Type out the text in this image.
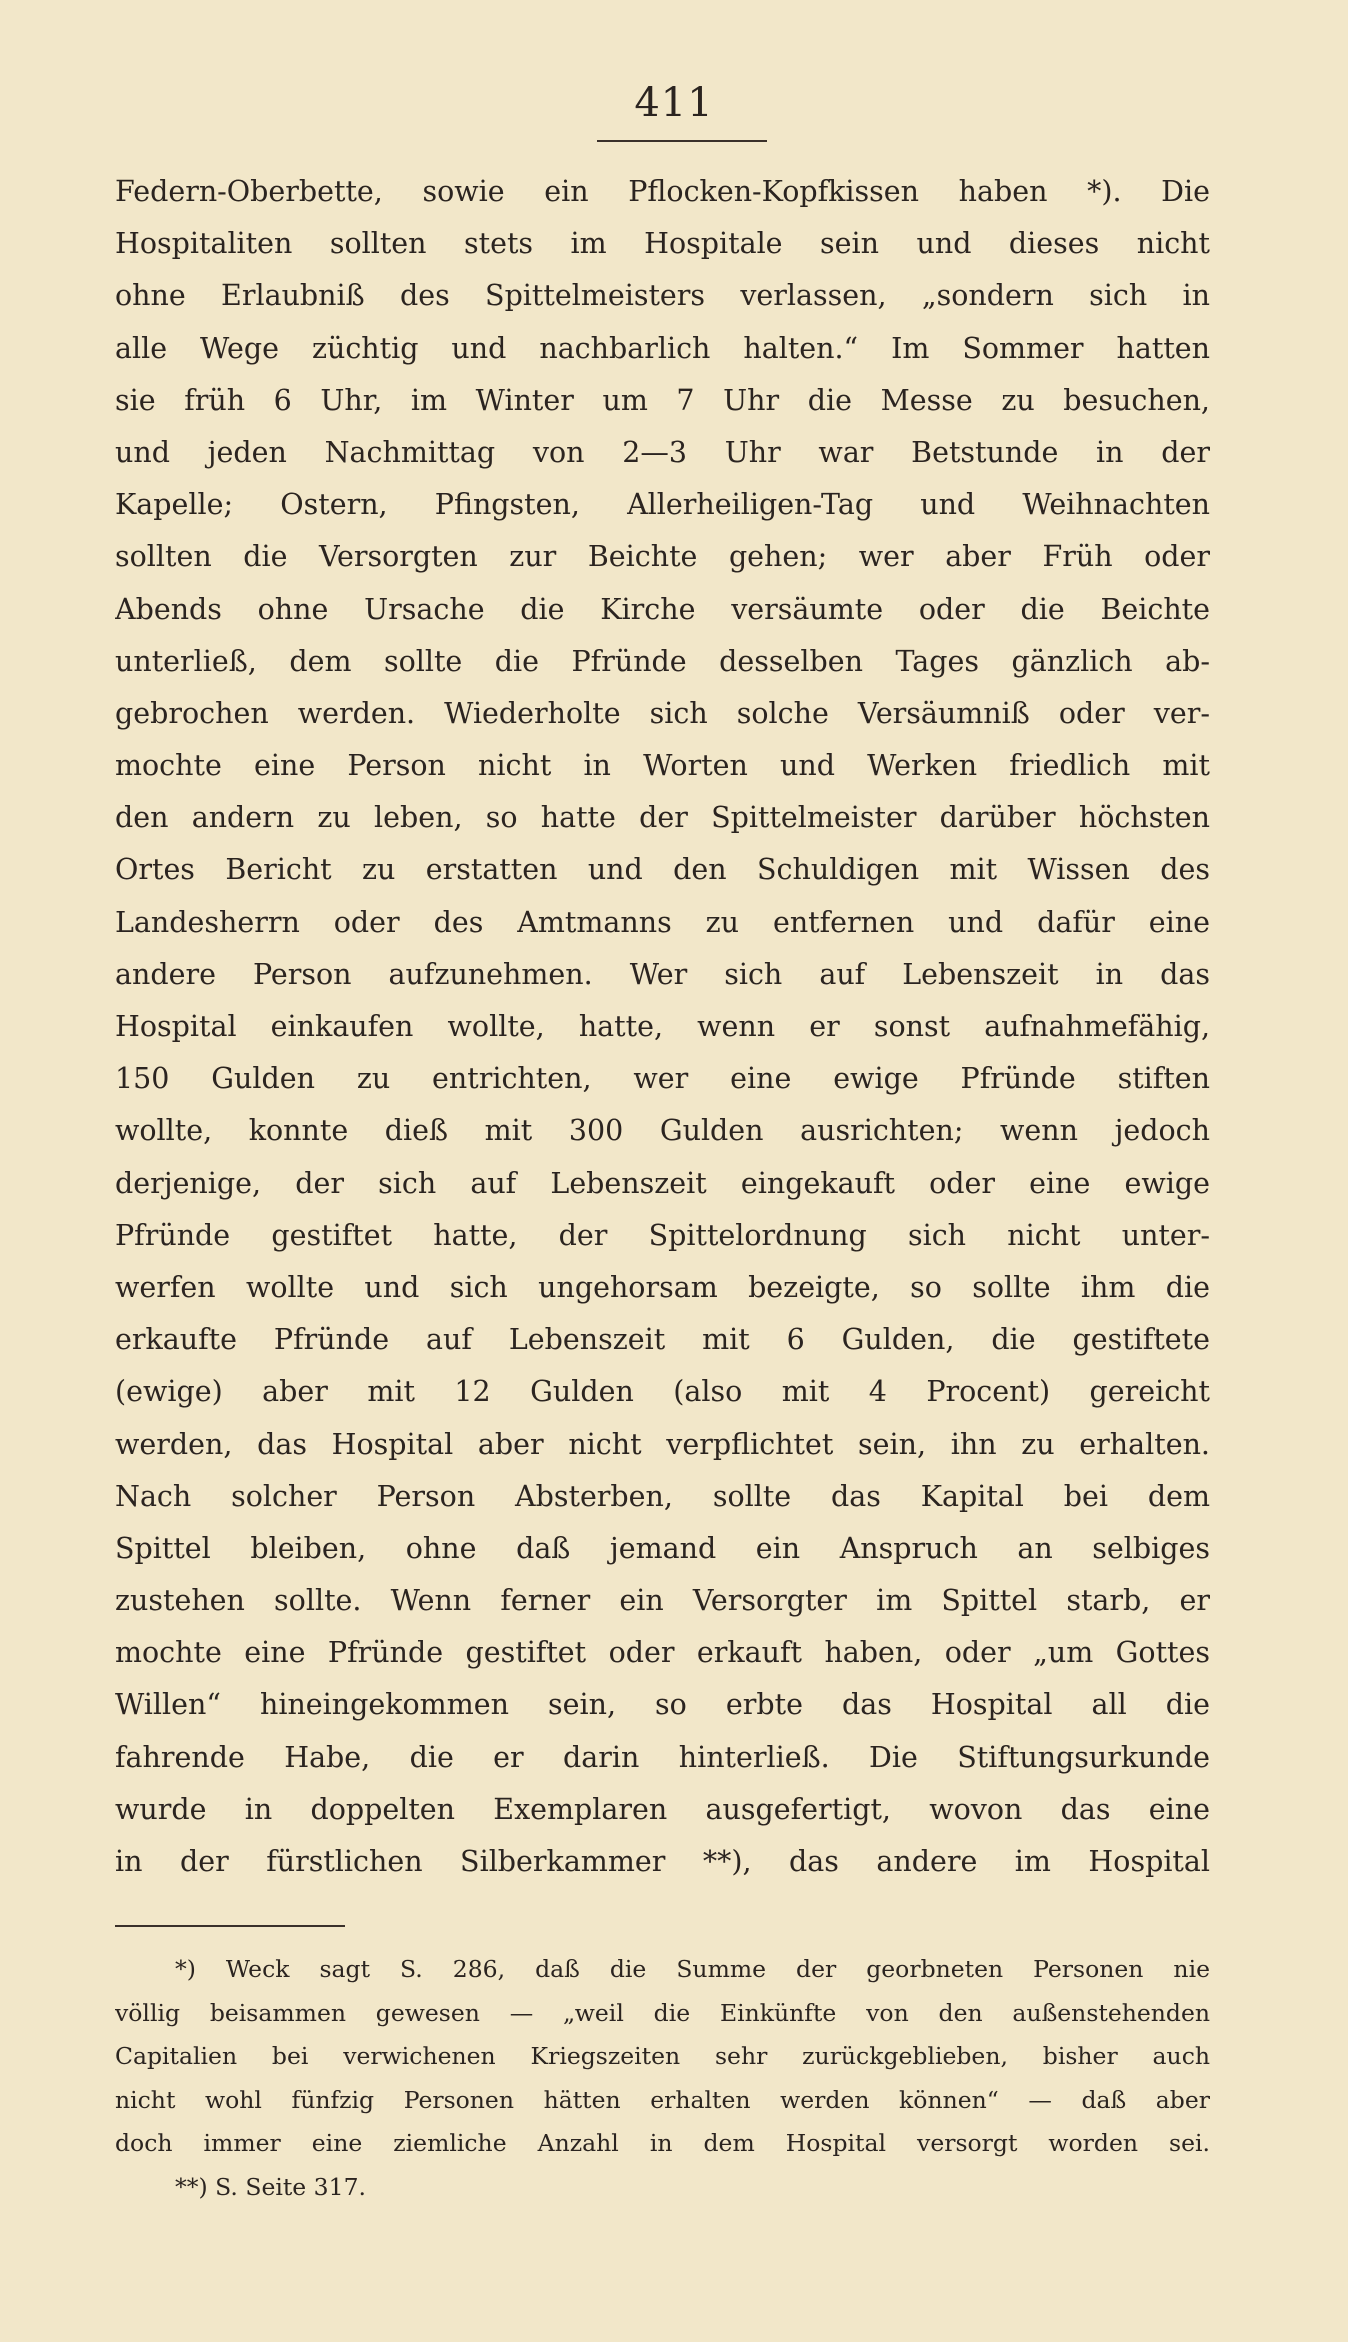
411
Federn-Oberbette, sowie ein Pflocken-Kopfkissen haben *). Die
Hospitaliten sollten stets im Hospitale sein und dieses nicht
ohne Erlaubniß des Spittelmeisters verlassen, „sondern sich in
alle Wege züchtig und nachbarlich halten.“ Im Sommer hatten
sie früh 6 Uhr, im Winter um 7 Uhr die Messe zu besuchen,
und jeden Nachmittag von 2—3 Uhr war Betstunde in der
Kapelle; Ostern, Pfingsten, Allerheiligen-Tag und Weihnachten
sollten die Versorgten zur Beichte gehen; wer aber Früh oder
Abends ohne Ursache die Kirche versäumte oder die Beichte
unterließ, dem sollte die Pfründe desselben Tages gänzlich ab-
gebrochen werden. Wiederholte sich solche Versäumniß oder ver-
mochte eine Person nicht in Worten und Werken friedlich mit
den andern zu leben, so hatte der Spittelmeister darüber höchsten
Ortes Bericht zu erstatten und den Schuldigen mit Wissen des
Landesherrn oder des Amtmanns zu entfernen und dafür eine
andere Person aufzunehmen. Wer sich auf Lebenszeit in das
Hospital einkaufen wollte, hatte, wenn er sonst aufnahmefähig,
150 Gulden zu entrichten, wer eine ewige Pfründe stiften
wollte, konnte dieß mit 300 Gulden ausrichten; wenn jedoch
derjenige, der sich auf Lebenszeit eingekauft oder eine ewige
Pfründe gestiftet hatte, der Spittelordnung sich nicht unter-
werfen wollte und sich ungehorsam bezeigte, so sollte ihm die
erkaufte Pfründe auf Lebenszeit mit 6 Gulden, die gestiftete
(ewige) aber mit 12 Gulden (also mit 4 Procent) gereicht
werden, das Hospital aber nicht verpflichtet sein, ihn zu erhalten.
Nach solcher Person Absterben, sollte das Kapital bei dem
Spittel bleiben, ohne daß jemand ein Anspruch an selbiges
zustehen sollte. Wenn ferner ein Versorgter im Spittel starb, er
mochte eine Pfründe gestiftet oder erkauft haben, oder „um Gottes
Willen“ hineingekommen sein, so erbte das Hospital all die
fahrende Habe, die er darin hinterließ. Die Stiftungsurkunde
wurde in doppelten Exemplaren ausgefertigt, wovon das eine
in der fürstlichen Silberkammer **), das andere im Hospital
*) Weck sagt S. 286, daß die Summe der georbneten Personen nie
völlig beisammen gewesen — „weil die Einkünfte von den außenstehenden
Capitalien bei verwichenen Kriegszeiten sehr zurückgeblieben, bisher auch
nicht wohl fünfzig Personen hätten erhalten werden können“ — daß aber
doch immer eine ziemliche Anzahl in dem Hospital versorgt worden sei.
**) S. Seite 317.
